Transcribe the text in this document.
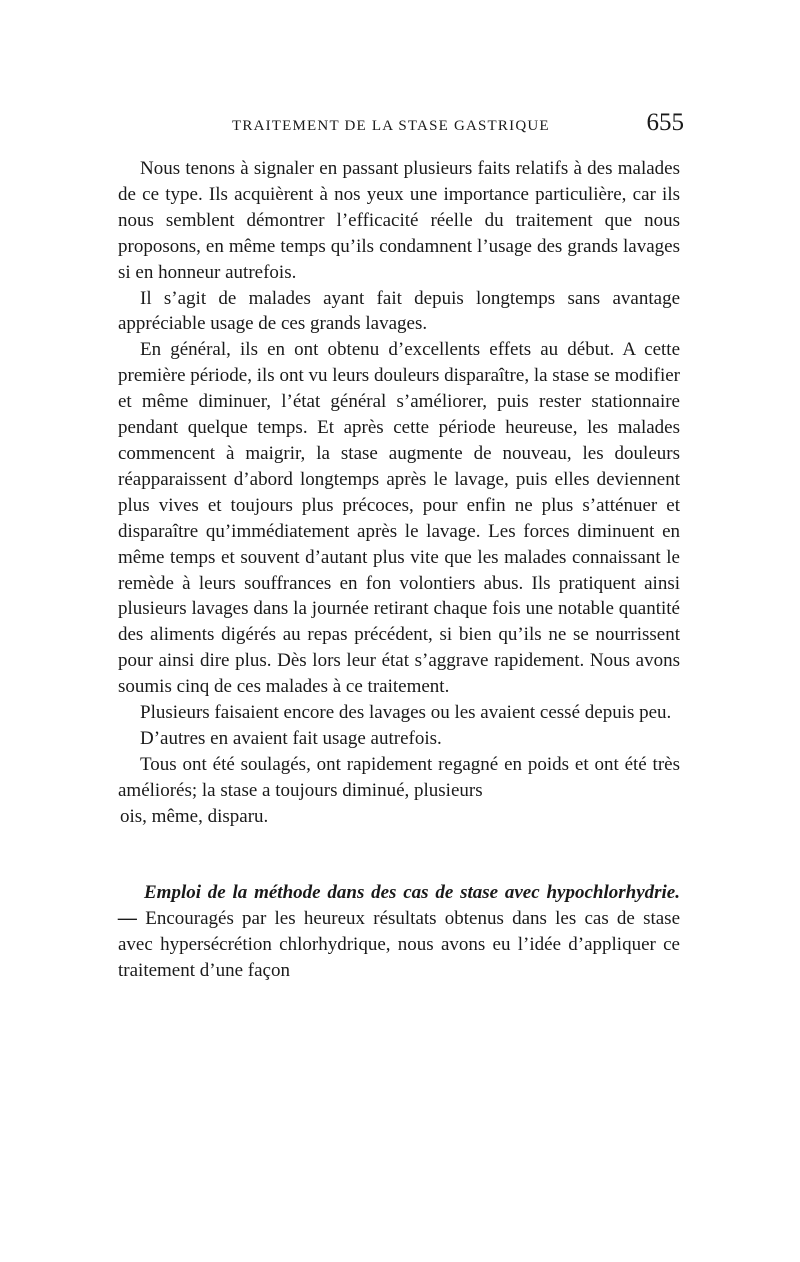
TRAITEMENT DE LA STASE GASTRIQUE	655

Nous tenons à signaler en passant plusieurs faits relatifs à des malades de ce type. Ils acquièrent à nos yeux une importance particulière, car ils nous semblent démontrer l’efficacité réelle du traitement que nous proposons, en même temps qu’ils condamnent l’usage des grands lavages si en honneur autrefois.

Il s’agit de malades ayant fait depuis longtemps sans avantage appréciable usage de ces grands lavages.

En général, ils en ont obtenu d’excellents effets au début. A cette première période, ils ont vu leurs douleurs disparaître, la stase se modifier et même diminuer, l’état général s’améliorer, puis rester stationnaire pendant quelque temps. Et après cette période heureuse, les malades commencent à maigrir, la stase augmente de nouveau, les douleurs réapparaissent d’abord longtemps après le lavage, puis elles deviennent plus vives et toujours plus précoces, pour enfin ne plus s’atténuer et disparaître qu’immédiatement après le lavage. Les forces diminuent en même temps et souvent d’autant plus vite que les malades connaissant le remède à leurs souffrances en fon volontiers abus. Ils pratiquent ainsi plusieurs lavages dans la journée retirant chaque fois une notable quantité des aliments digérés au repas précédent, si bien qu’ils ne se nourrissent pour ainsi dire plus. Dès lors leur état s’aggrave rapidement. Nous avons soumis cinq de ces malades à ce traitement.

Plusieurs faisaient encore des lavages ou les avaient cessé depuis peu.

D’autres en avaient fait usage autrefois.

Tous ont été soulagés, ont rapidement regagné en poids et ont été très améliorés; la stase a toujours diminué, plusieurs

ois, même, disparu.

Emploi de la méthode dans des cas de stase avec hypochlorhydrie. — Encouragés par les heureux résultats obtenus dans les cas de stase avec hypersécrétion chlorhydrique, nous avons eu l’idée d’appliquer ce traitement d’une façon
